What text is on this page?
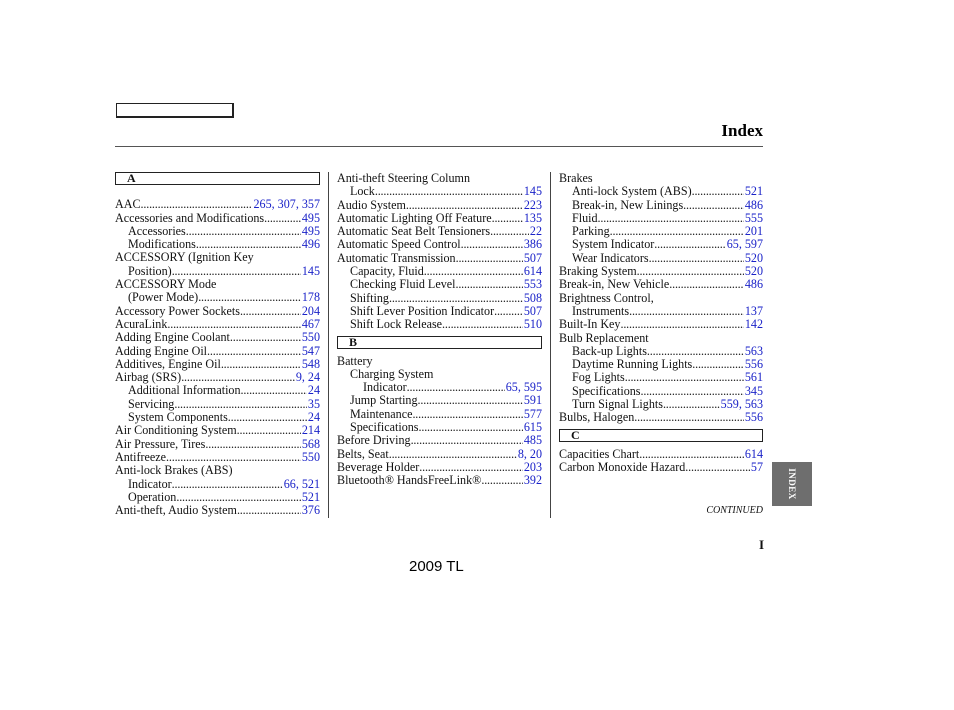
Index
A
AAC . . .	265, 307, 357
Accessories and Modifications . . .	495
Accessories . . .	495
Modifications . . .	496
ACCESSORY (Ignition Key
Position) . . .	145
ACCESSORY Mode
(Power Mode) . . .	178
Accessory Power Sockets . . .	204
AcuraLink . . .	467
Adding Engine Coolant . . .	550
Adding Engine Oil . . .	547
Additives, Engine Oil . . .	548
Airbag (SRS) . . .	9, 24
Additional Information . . .	24
Servicing . . .	35
System Components . . .	24
Air Conditioning System . . .	214
Air Pressure, Tires . . .	568
Antifreeze . . .	550
Anti-lock Brakes (ABS)
Indicator . . .	66, 521
Operation . . .	521
Anti-theft, Audio System . . .	376
Anti-theft Steering Column
Lock . . .	145
Audio System . . .	223
Automatic Lighting Off Feature . . .	135
Automatic Seat Belt Tensioners . . .	22
Automatic Speed Control . . .	386
Automatic Transmission . . .	507
Capacity, Fluid . . .	614
Checking Fluid Level . . .	553
Shifting . . .	508
Shift Lever Position Indicator . . . 507
Shift Lock Release . . .	510
B
Battery
Charging System
Indicator . . .	65, 595
Jump Starting . . .	591
Maintenance . . .	577
Specifications . . .	615
Before Driving . . .	485
Belts, Seat . . .	8, 20
Beverage Holder . . .	203
Bluetooth® HandsFreeLink® . . .	392
Brakes
Anti-lock System (ABS) . . .	521
Break-in, New Linings . . .	486
Fluid . . .	555
Parking . . .	201
System Indicator . . .	65, 597
Wear Indicators . . .	520
Braking System . . .	520
Break-in, New Vehicle . . .	486
Brightness Control,
Instruments . . .	137
Built-In Key . . .	142
Bulb Replacement
Back-up Lights . . .	563
Daytime Running Lights . . .	556
Fog Lights . . .	561
Specifications . . .	345
Turn Signal Lights . . .	559, 563
Bulbs, Halogen . . .	556
C
Capacities Chart . . .	614
Carbon Monoxide Hazard . . .	57
INDEX
CONTINUED
I
2009 TL
